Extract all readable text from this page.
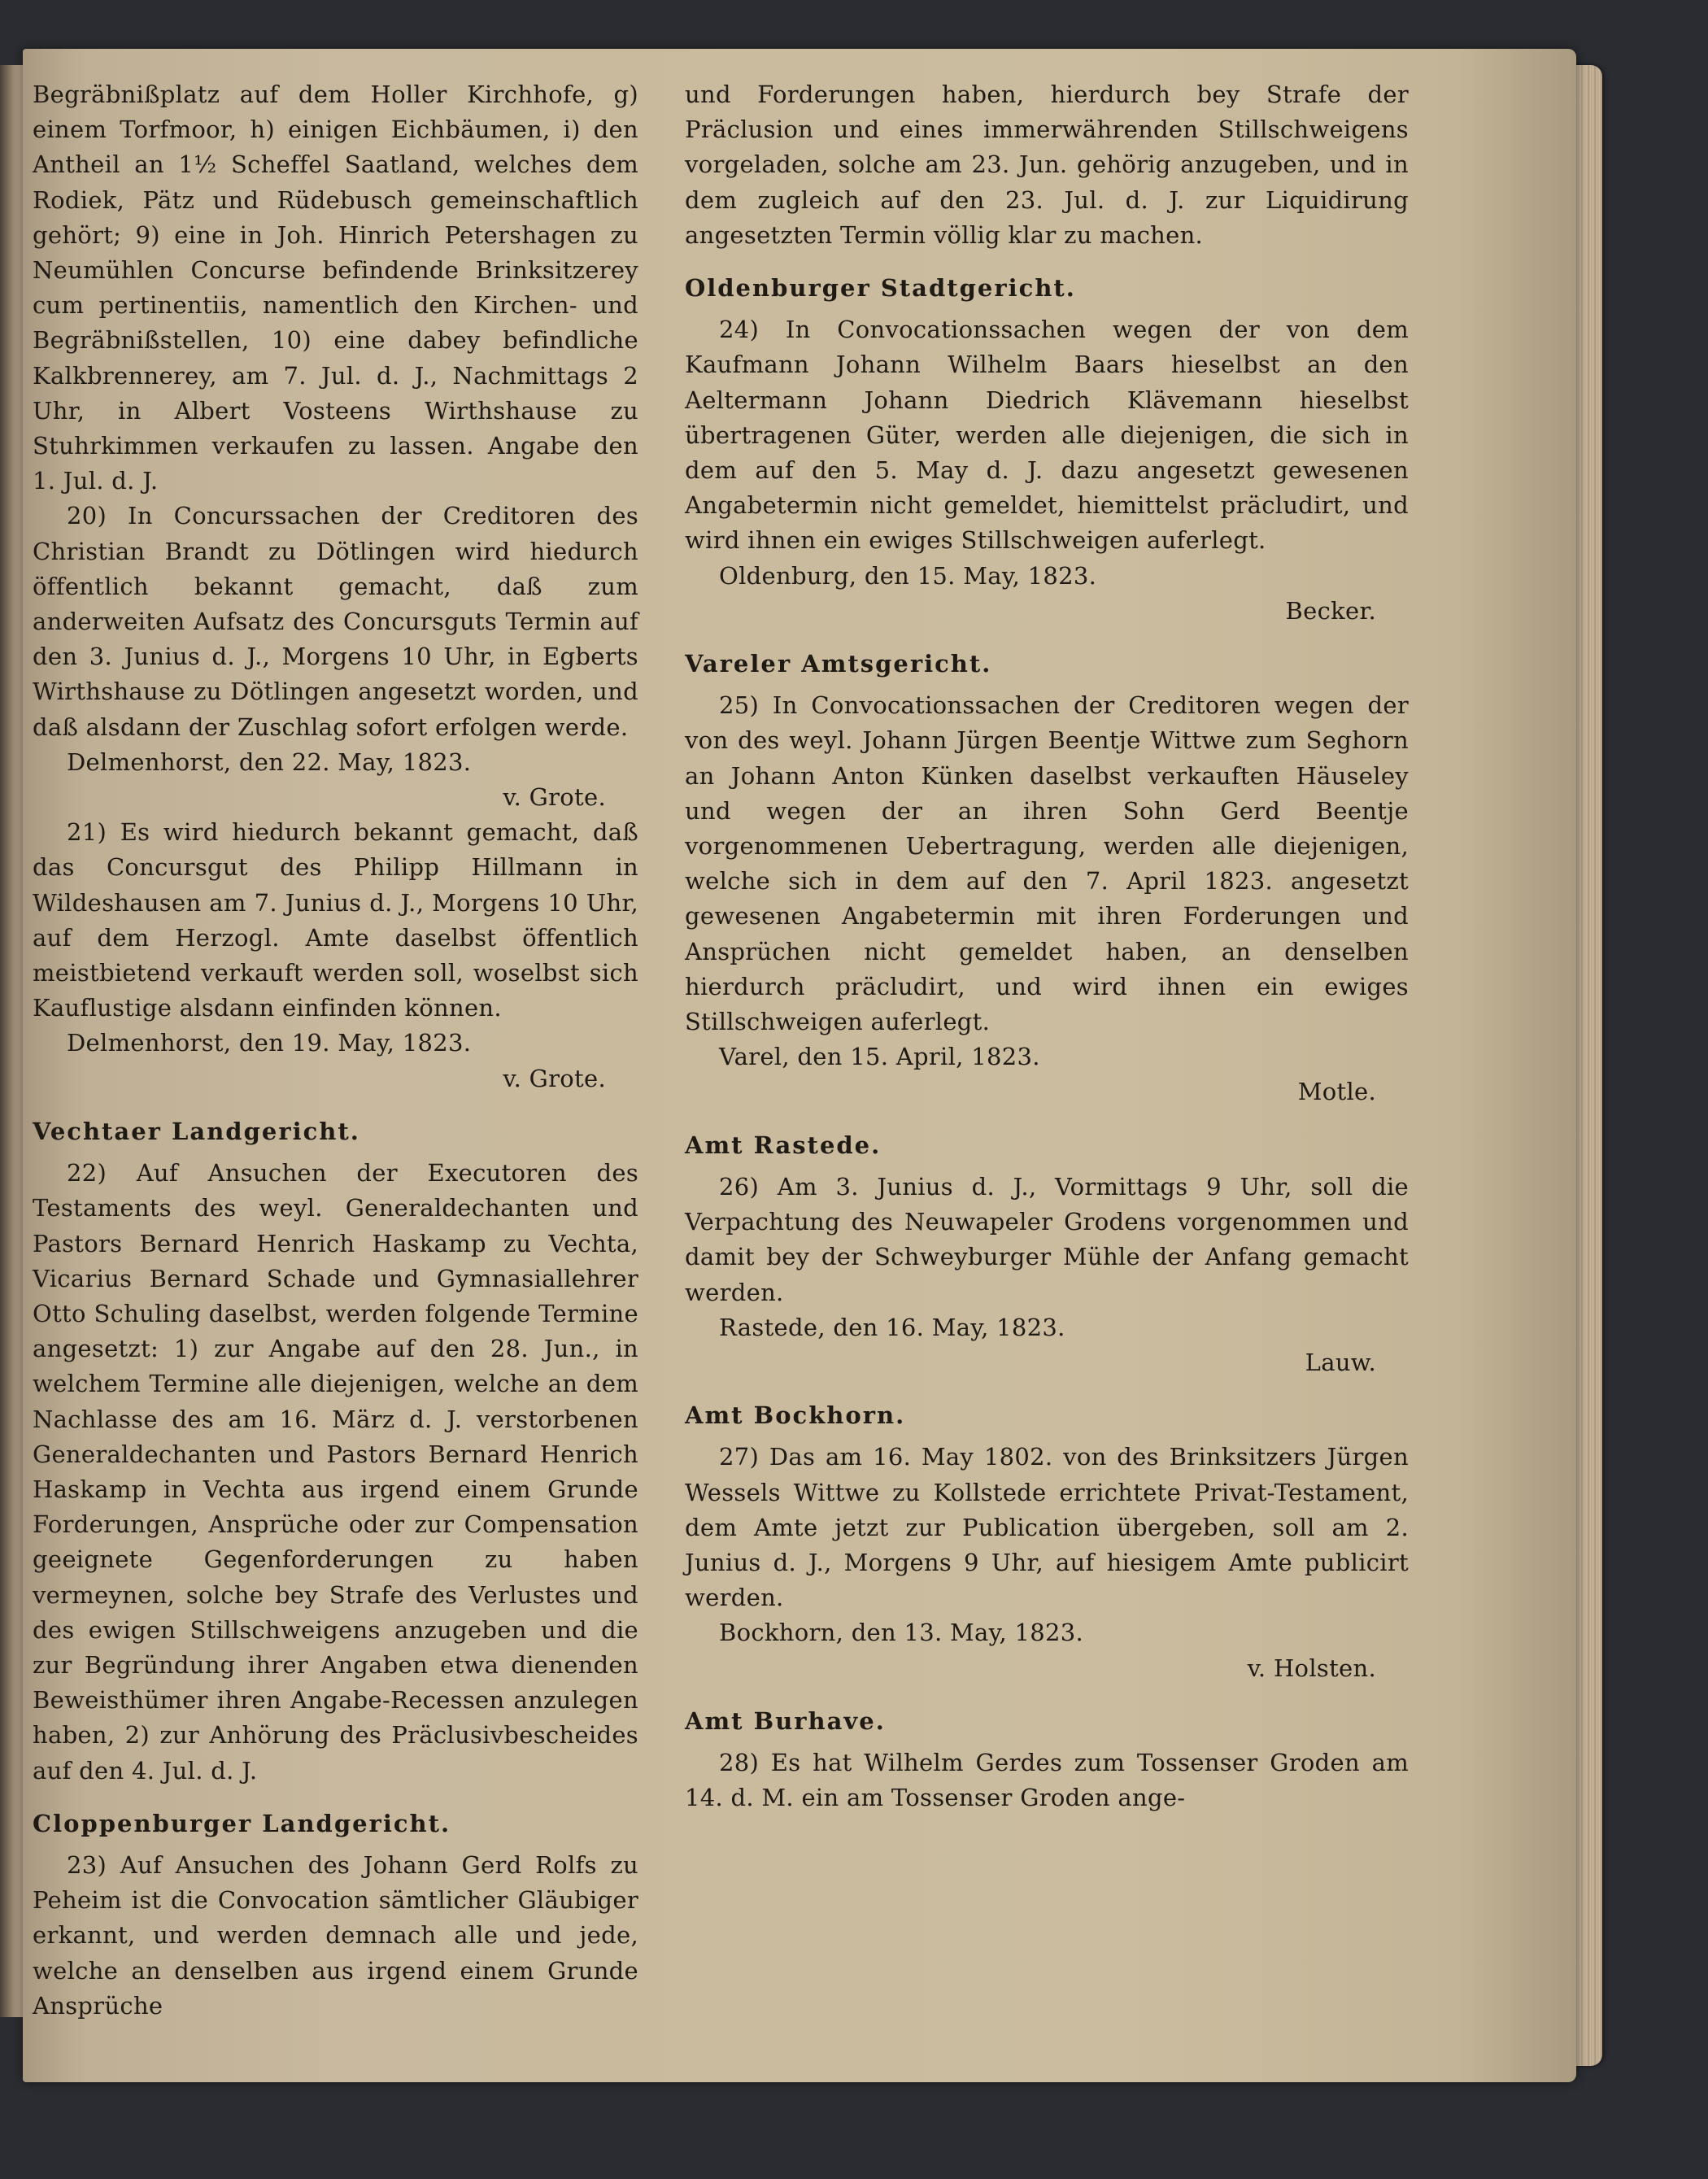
Begräbnißplatz auf dem Holler Kirchhofe, g) einem Torfmoor, h) einigen Eichbäumen, i) den Antheil an 1½ Scheffel Saatland, welches dem Rodiek, Pätz und Rüdebusch gemeinschaftlich gehört; 9) eine in Joh. Hinrich Petershagen zu Neumühlen Concurse befindende Brinksitzerey cum pertinentiis, namentlich den Kirchen- und Begräbnißstellen, 10) eine dabey befindliche Kalkbrennerey, am 7. Jul. d. J., Nachmittags 2 Uhr, in Albert Vosteens Wirthshause zu Stuhrkimmen verkaufen zu lassen. Angabe den 1. Jul. d. J.

20) In Concurssachen der Creditoren des Christian Brandt zu Dötlingen wird hiedurch öffentlich bekannt gemacht, daß zum anderweiten Aufsatz des Concursguts Termin auf den 3. Junius d. J., Morgens 10 Uhr, in Egberts Wirthshause zu Dötlingen angesetzt worden, und daß alsdann der Zuschlag sofort erfolgen werde.

Delmenhorst, den 22. May, 1823.

v. Grote.

21) Es wird hiedurch bekannt gemacht, daß das Concursgut des Philipp Hillmann in Wildeshausen am 7. Junius d. J., Morgens 10 Uhr, auf dem Herzogl. Amte daselbst öffentlich meistbietend verkauft werden soll, woselbst sich Kauflustige alsdann einfinden können.

Delmenhorst, den 19. May, 1823.

v. Grote.

Vechtaer Landgericht.

22) Auf Ansuchen der Executoren des Testaments des weyl. Generaldechanten und Pastors Bernard Henrich Haskamp zu Vechta, Vicarius Bernard Schade und Gymnasiallehrer Otto Schuling daselbst, werden folgende Termine angesetzt: 1) zur Angabe auf den 28. Jun., in welchem Termine alle diejenigen, welche an dem Nachlasse des am 16. März d. J. verstorbenen Generaldechanten und Pastors Bernard Henrich Haskamp in Vechta aus irgend einem Grunde Forderungen, Ansprüche oder zur Compensation geeignete Gegenforderungen zu haben vermeynen, solche bey Strafe des Verlustes und des ewigen Stillschweigens anzugeben und die zur Begründung ihrer Angaben etwa dienenden Beweisthümer ihren Angabe-Recessen anzulegen haben, 2) zur Anhörung des Präclusivbescheides auf den 4. Jul. d. J.

Cloppenburger Landgericht.

23) Auf Ansuchen des Johann Gerd Rolfs zu Peheim ist die Convocation sämtlicher Gläubiger erkannt, und werden demnach alle und jede, welche an denselben aus irgend einem Grunde Ansprüche

und Forderungen haben, hierdurch bey Strafe der Präclusion und eines immerwährenden Stillschweigens vorgeladen, solche am 23. Jun. gehörig anzugeben, und in dem zugleich auf den 23. Jul. d. J. zur Liquidirung angesetzten Termin völlig klar zu machen.

Oldenburger Stadtgericht.

24) In Convocationssachen wegen der von dem Kaufmann Johann Wilhelm Baars hieselbst an den Aeltermann Johann Diedrich Klävemann hieselbst übertragenen Güter, werden alle diejenigen, die sich in dem auf den 5. May d. J. dazu angesetzt gewesenen Angabetermin nicht gemeldet, hiemittelst präcludirt, und wird ihnen ein ewiges Stillschweigen auferlegt.

Oldenburg, den 15. May, 1823.

Becker.

Vareler Amtsgericht.

25) In Convocationssachen der Creditoren wegen der von des weyl. Johann Jürgen Beentje Wittwe zum Seghorn an Johann Anton Künken daselbst verkauften Häuseley und wegen der an ihren Sohn Gerd Beentje vorgenommenen Uebertragung, werden alle diejenigen, welche sich in dem auf den 7. April 1823. angesetzt gewesenen Angabetermin mit ihren Forderungen und Ansprüchen nicht gemeldet haben, an denselben hierdurch präcludirt, und wird ihnen ein ewiges Stillschweigen auferlegt.

Varel, den 15. April, 1823.

Motle.

Amt Rastede.

26) Am 3. Junius d. J., Vormittags 9 Uhr, soll die Verpachtung des Neuwapeler Grodens vorgenommen und damit bey der Schweyburger Mühle der Anfang gemacht werden.

Rastede, den 16. May, 1823.

Lauw.

Amt Bockhorn.

27) Das am 16. May 1802. von des Brinksitzers Jürgen Wessels Wittwe zu Kollstede errichtete Privat-Testament, dem Amte jetzt zur Publication übergeben, soll am 2. Junius d. J., Morgens 9 Uhr, auf hiesigem Amte publicirt werden.

Bockhorn, den 13. May, 1823.

v. Holsten.

Amt Burhave.

28) Es hat Wilhelm Gerdes zum Tossenser Groden am 14. d. M. ein am Tossenser Groden ange-
